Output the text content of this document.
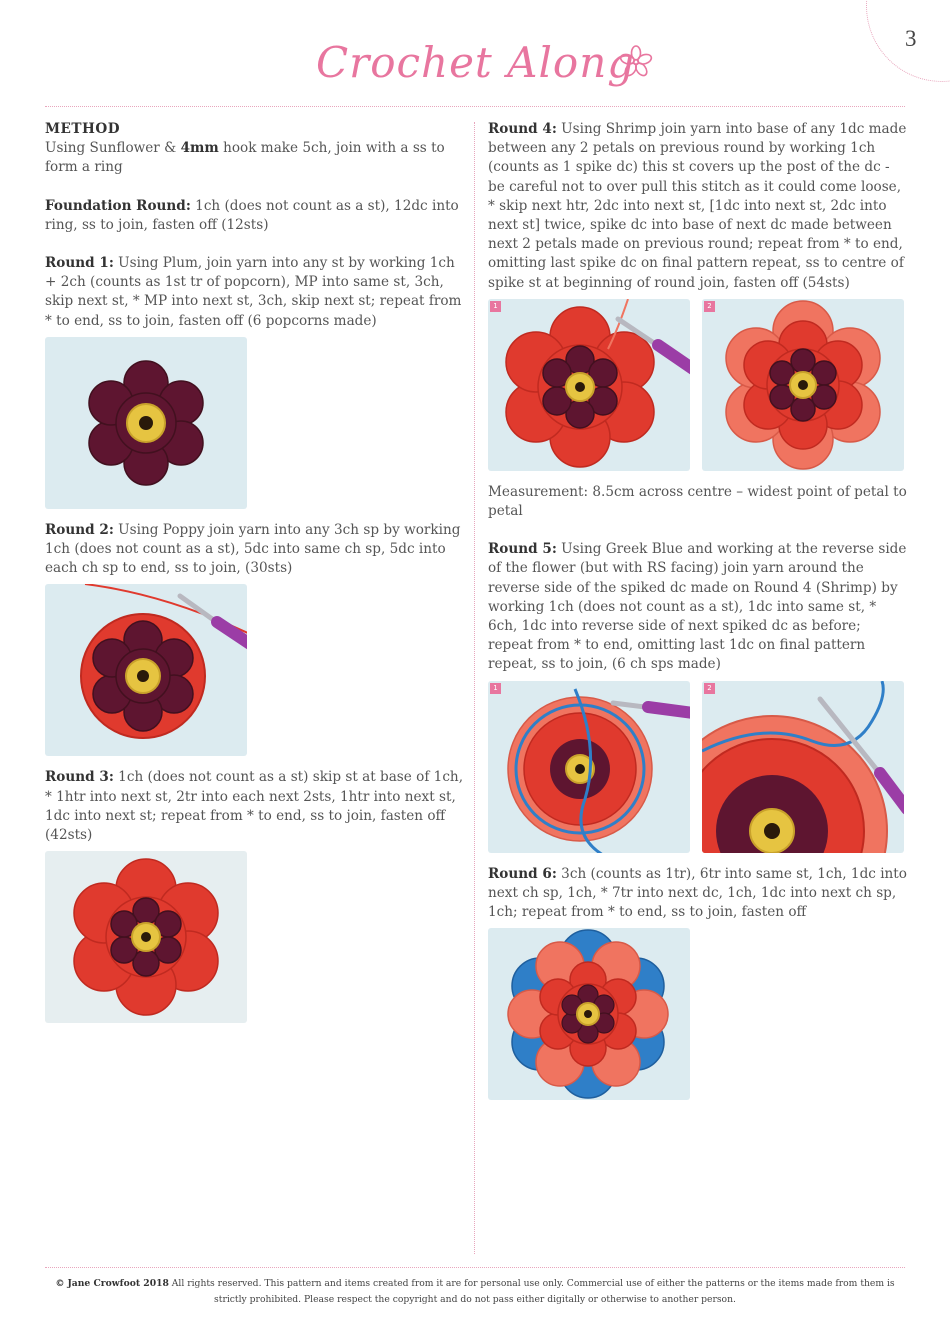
3
Crochet Along

METHOD

Using Sunflower & 4mm hook make 5ch, join with a ss to form a ring

Foundation Round: 1ch (does not count as a st), 12dc into ring, ss to join, fasten off (12sts)

Round 1: Using Plum, join yarn into any st by working 1ch + 2ch (counts as 1st tr of popcorn), MP into same st, 3ch, skip next st, * MP into next st, 3ch, skip next st; repeat from * to end, ss to join, fasten off (6 popcorns made)

Round 2: Using Poppy join yarn into any 3ch sp by working 1ch (does not count as a st), 5dc into same ch sp, 5dc into each ch sp to end, ss to join, (30sts)

Round 3: 1ch (does not count as a st) skip st at base of 1ch, * 1htr into next st, 2tr into each next 2sts, 1htr into next st, 1dc into next st; repeat from * to end, ss to join, fasten off (42sts)

Round 4: Using Shrimp join yarn into base of any 1dc made between any 2 petals on previous round by working 1ch (counts as 1 spike dc) this st covers up the post of the dc - be careful not to over pull this stitch as it could come loose, * skip next htr, 2dc into next st, [1dc into next st, 2dc into next st] twice, spike dc into base of next dc made between next 2 petals made on previous round; repeat from * to end, omitting last spike dc on final pattern repeat, ss to centre of spike st at beginning of round join, fasten off (54sts)

1	2

Measurement: 8.5cm across centre – widest point of petal to petal

Round 5: Using Greek Blue and working at the reverse side of the flower (but with RS facing) join yarn around the reverse side of the spiked dc made on Round 4 (Shrimp) by working 1ch (does not count as a st), 1dc into same st, * 6ch, 1dc into reverse side of next spiked dc as before; repeat from * to end, omitting last 1dc on final pattern repeat, ss to join, (6 ch sps made)

1	2

Round 6: 3ch (counts as 1tr), 6tr into same st, 1ch, 1dc into next ch sp, 1ch, * 7tr into next dc, 1ch, 1dc into next ch sp, 1ch; repeat from * to end, ss to join, fasten off

© Jane Crowfoot 2018 All rights reserved. This pattern and items created from it are for personal use only. Commercial use of either the patterns or the items made from them is
strictly prohibited. Please respect the copyright and do not pass either digitally or otherwise to another person.
